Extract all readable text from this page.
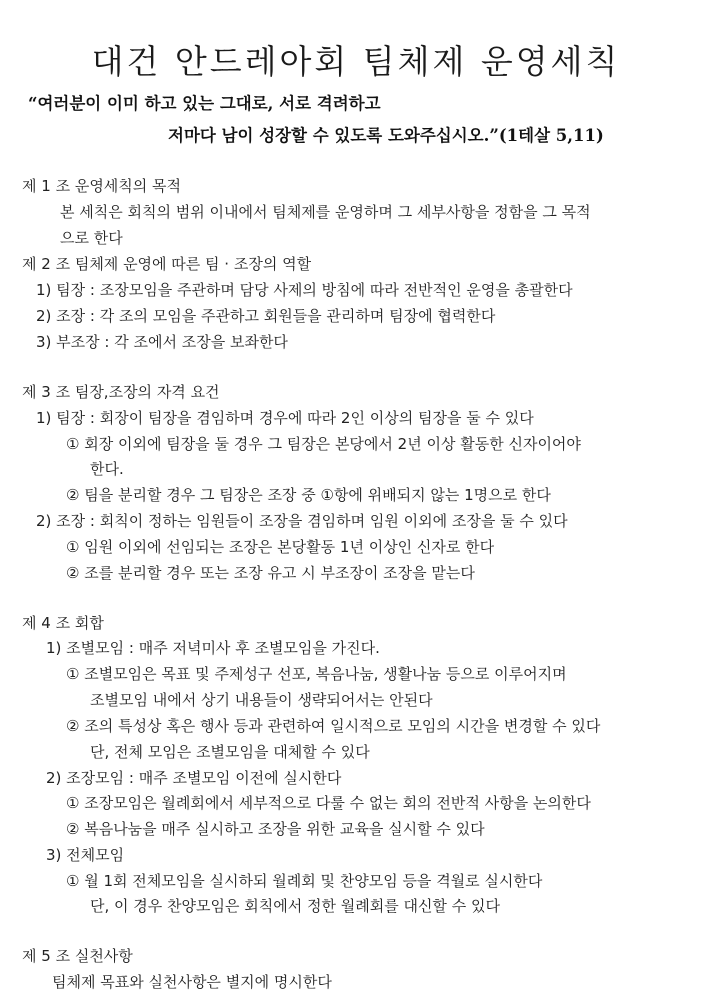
대건 안드레아회 팀체제 운영세칙
“여러분이 이미 하고 있는 그대로, 서로 격려하고
저마다 남이 성장할 수 있도록 도와주십시오.”(1테살 5,11)
제 1 조 운영세칙의 목적
본 세칙은 회칙의 범위 이내에서 팀체제를 운영하며 그 세부사항을 정함을 그 목적
으로 한다
제 2 조 팀체제 운영에 따른 팀 · 조장의 역할
1) 팀장 : 조장모임을 주관하며 담당 사제의 방침에 따라 전반적인 운영을 총괄한다
2) 조장 : 각 조의 모임을 주관하고 회원들을 관리하며 팀장에 협력한다
3) 부조장 : 각 조에서 조장을 보좌한다
제 3 조 팀장,조장의 자격 요건
1) 팀장 : 회장이 팀장을 겸임하며 경우에 따라 2인 이상의 팀장을 둘 수 있다
① 회장 이외에 팀장을 둘 경우 그 팀장은 본당에서 2년 이상 활동한 신자이어야
한다.
② 팀을 분리할 경우 그 팀장은 조장 중 ①항에 위배되지 않는 1명으로 한다
2) 조장 : 회칙이 정하는 임원들이 조장을 겸임하며 임원 이외에 조장을 둘 수 있다
① 임원 이외에 선임되는 조장은 본당활동 1년 이상인 신자로 한다
② 조를 분리할 경우 또는 조장 유고 시 부조장이 조장을 맡는다
제 4 조 회합
1) 조별모임 : 매주 저녁미사 후 조별모임을 가진다.
① 조별모임은 목표 및 주제성구 선포, 복음나눔, 생활나눔 등으로 이루어지며
조별모임 내에서 상기 내용들이 생략되어서는 안된다
② 조의 특성상 혹은 행사 등과 관련하여 일시적으로 모임의 시간을 변경할 수 있다
단, 전체 모임은 조별모임을 대체할 수 있다
2) 조장모임 : 매주 조별모임 이전에 실시한다
① 조장모임은 월례회에서 세부적으로 다룰 수 없는 회의 전반적 사항을 논의한다
② 복음나눔을 매주 실시하고 조장을 위한 교육을 실시할 수 있다
3) 전체모임
① 월 1회 전체모임을 실시하되 월례회 및 찬양모임 등을 격월로 실시한다
단, 이 경우 찬양모임은 회칙에서 정한 월례회를 대신할 수 있다
제 5 조 실천사항
팀체제 목표와 실천사항은 별지에 명시한다
